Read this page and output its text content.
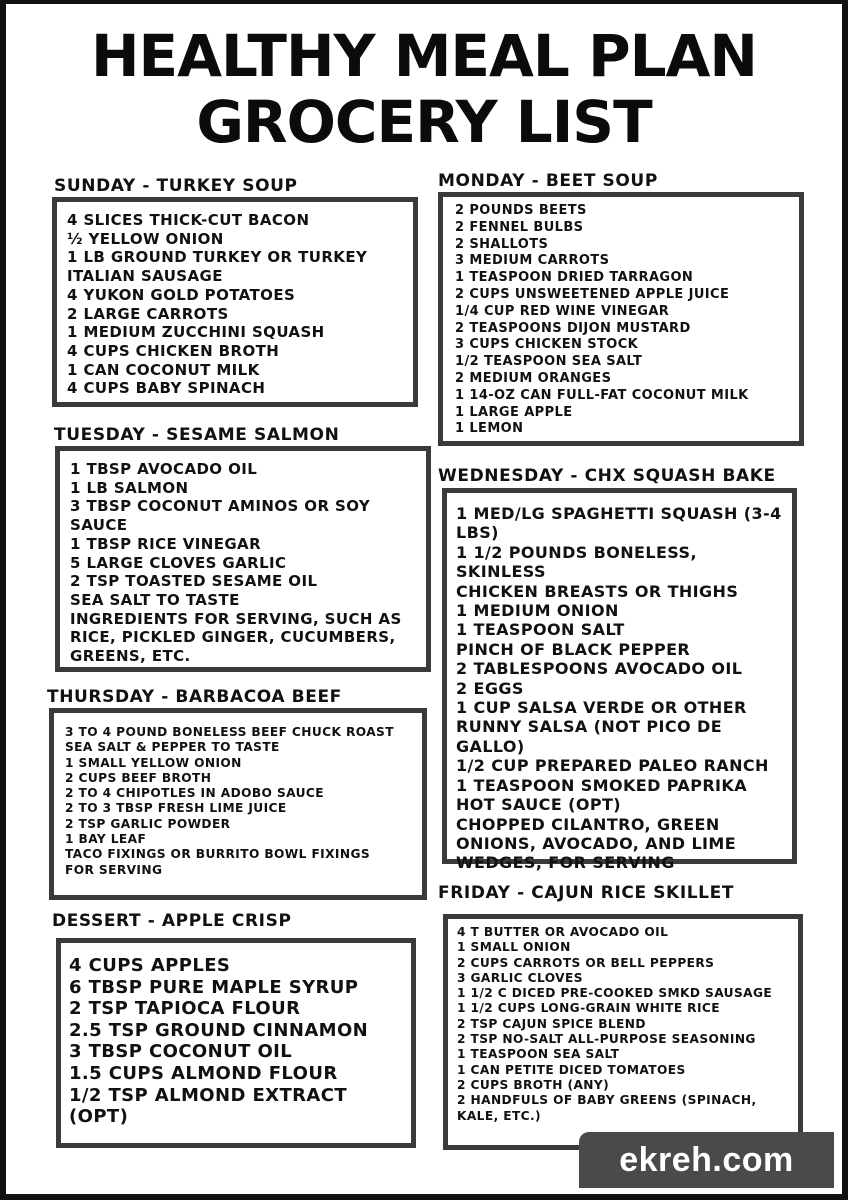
HEALTHY MEAL PLAN
GROCERY LIST
SUNDAY - TURKEY SOUP
4 SLICES THICK-CUT BACON
½ YELLOW ONION
1 LB GROUND TURKEY OR TURKEY
ITALIAN SAUSAGE
4 YUKON GOLD POTATOES
2 LARGE CARROTS
1 MEDIUM ZUCCHINI SQUASH
4 CUPS CHICKEN BROTH
1 CAN COCONUT MILK
4 CUPS BABY SPINACH
MONDAY - BEET SOUP
2 POUNDS BEETS
2 FENNEL BULBS
2 SHALLOTS
3 MEDIUM CARROTS
1 TEASPOON DRIED TARRAGON
2 CUPS UNSWEETENED APPLE JUICE
1/4 CUP RED WINE VINEGAR
2 TEASPOONS DIJON MUSTARD
3 CUPS CHICKEN STOCK
1/2 TEASPOON SEA SALT
2 MEDIUM ORANGES
1 14-OZ CAN FULL-FAT COCONUT MILK
1 LARGE APPLE
1 LEMON
TUESDAY - SESAME SALMON
1 TBSP AVOCADO OIL
1 LB SALMON
3 TBSP COCONUT AMINOS OR SOY
SAUCE
1 TBSP RICE VINEGAR
5 LARGE CLOVES GARLIC
2 TSP TOASTED SESAME OIL
SEA SALT TO TASTE
INGREDIENTS FOR SERVING, SUCH AS
RICE, PICKLED GINGER, CUCUMBERS,
GREENS, ETC.
WEDNESDAY - CHX SQUASH BAKE
1 MED/LG SPAGHETTI SQUASH (3-4
LBS)
1 1/2 POUNDS BONELESS, SKINLESS
CHICKEN BREASTS OR THIGHS
1 MEDIUM ONION
1 TEASPOON SALT
PINCH OF BLACK PEPPER
2 TABLESPOONS AVOCADO OIL
2 EGGS
1 CUP SALSA VERDE OR OTHER
RUNNY SALSA (NOT PICO DE GALLO)
1/2 CUP PREPARED PALEO RANCH
1 TEASPOON SMOKED PAPRIKA
HOT SAUCE (OPT)
CHOPPED CILANTRO, GREEN
ONIONS, AVOCADO, AND LIME
WEDGES, FOR SERVING
THURSDAY - BARBACOA BEEF
3 TO 4 POUND BONELESS BEEF CHUCK ROAST
SEA SALT & PEPPER TO TASTE
1 SMALL YELLOW ONION
2 CUPS BEEF BROTH
2 TO 4 CHIPOTLES IN ADOBO SAUCE
2 TO 3 TBSP FRESH LIME JUICE
2 TSP GARLIC POWDER
1 BAY LEAF
TACO FIXINGS OR BURRITO BOWL FIXINGS
FOR SERVING
FRIDAY - CAJUN RICE SKILLET
4 T BUTTER OR AVOCADO OIL
1 SMALL ONION
2 CUPS CARROTS OR BELL PEPPERS
3 GARLIC CLOVES
1 1/2 C DICED PRE-COOKED SMKD SAUSAGE
1 1/2 CUPS LONG-GRAIN WHITE RICE
2 TSP CAJUN SPICE BLEND
2 TSP NO-SALT ALL-PURPOSE SEASONING
1 TEASPOON SEA SALT
1 CAN PETITE DICED TOMATOES
2 CUPS BROTH (ANY)
2 HANDFULS OF BABY GREENS (SPINACH,
KALE, ETC.)
DESSERT - APPLE CRISP
4 CUPS APPLES
6 TBSP PURE MAPLE SYRUP
2 TSP TAPIOCA FLOUR
2.5 TSP GROUND CINNAMON
3 TBSP COCONUT OIL
1.5 CUPS ALMOND FLOUR
1/2 TSP ALMOND EXTRACT
(OPT)
ekreh.com
